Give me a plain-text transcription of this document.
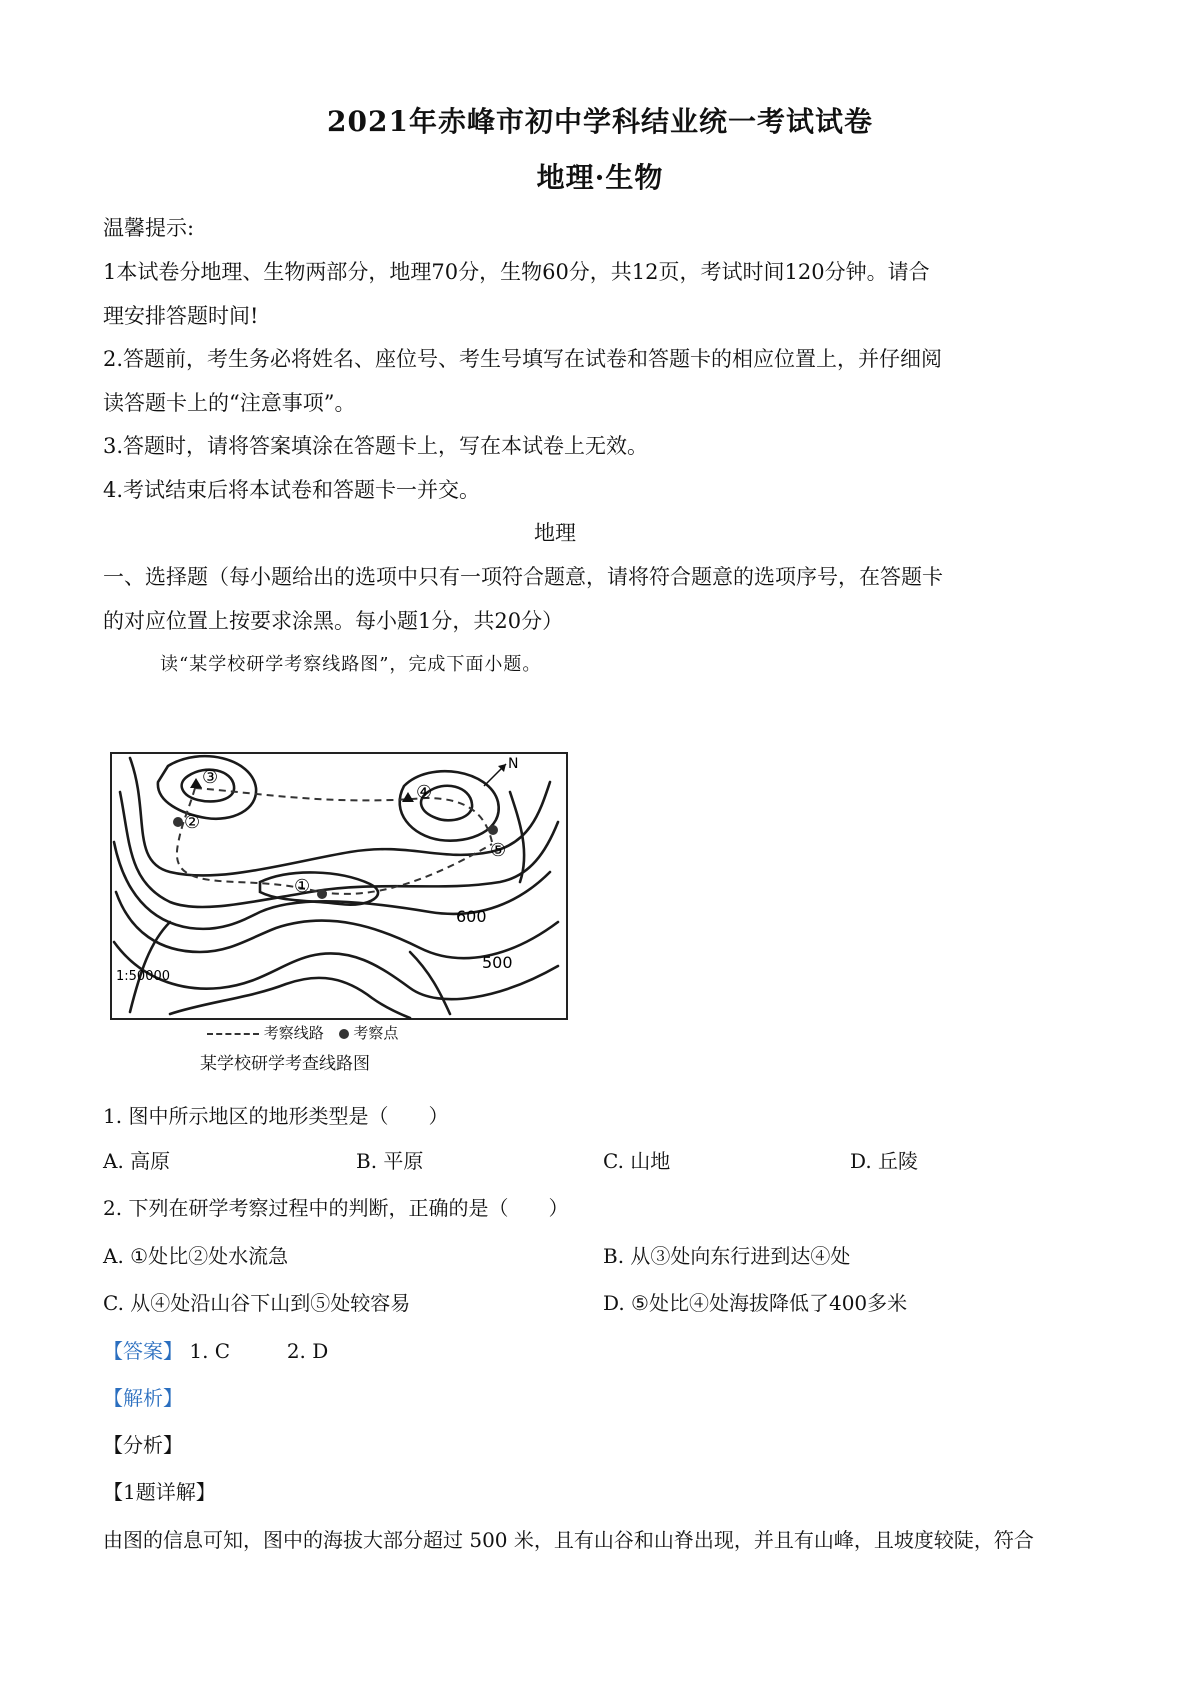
2021年赤峰市初中学科结业统一考试试卷
地理·生物
温馨提示:
1本试卷分地理、生物两部分，地理70分，生物60分，共12页，考试时间120分钟。请合
理安排答题时间!
2.答题前，考生务必将姓名、座位号、考生号填写在试卷和答题卡的相应位置上，并仔细阅
读答题卡上的“注意事项”。
3.答题时，请将答案填涂在答题卡上，写在本试卷上无效。
4.考试结束后将本试卷和答题卡一并交。
地理
一、选择题（每小题给出的选项中只有一项符合题意，请将符合题意的选项序号，在答题卡
的对应位置上按要求涂黑。每小题1分，共20分）
读“某学校研学考察线路图”，完成下面小题。
③
②
④
⑤
①
600
500
N
1:50000
考察线路 考察点
某学校研学考查线路图
1. 图中所示地区的地形类型是（　　）
A. 高原	B. 平原	C. 山地	D. 丘陵
2. 下列在研学考察过程中的判断，正确的是（　　）
A. ①处比②处水流急	B. 从③处向东行进到达④处
C. 从④处沿山谷下山到⑤处较容易	D. ⑤处比④处海拔降低了400多米
【答案】 1. C	2. D
【解析】
【分析】
【1题详解】
由图的信息可知，图中的海拔大部分超过 500 米，且有山谷和山脊出现，并且有山峰，且坡度较陡，符合
